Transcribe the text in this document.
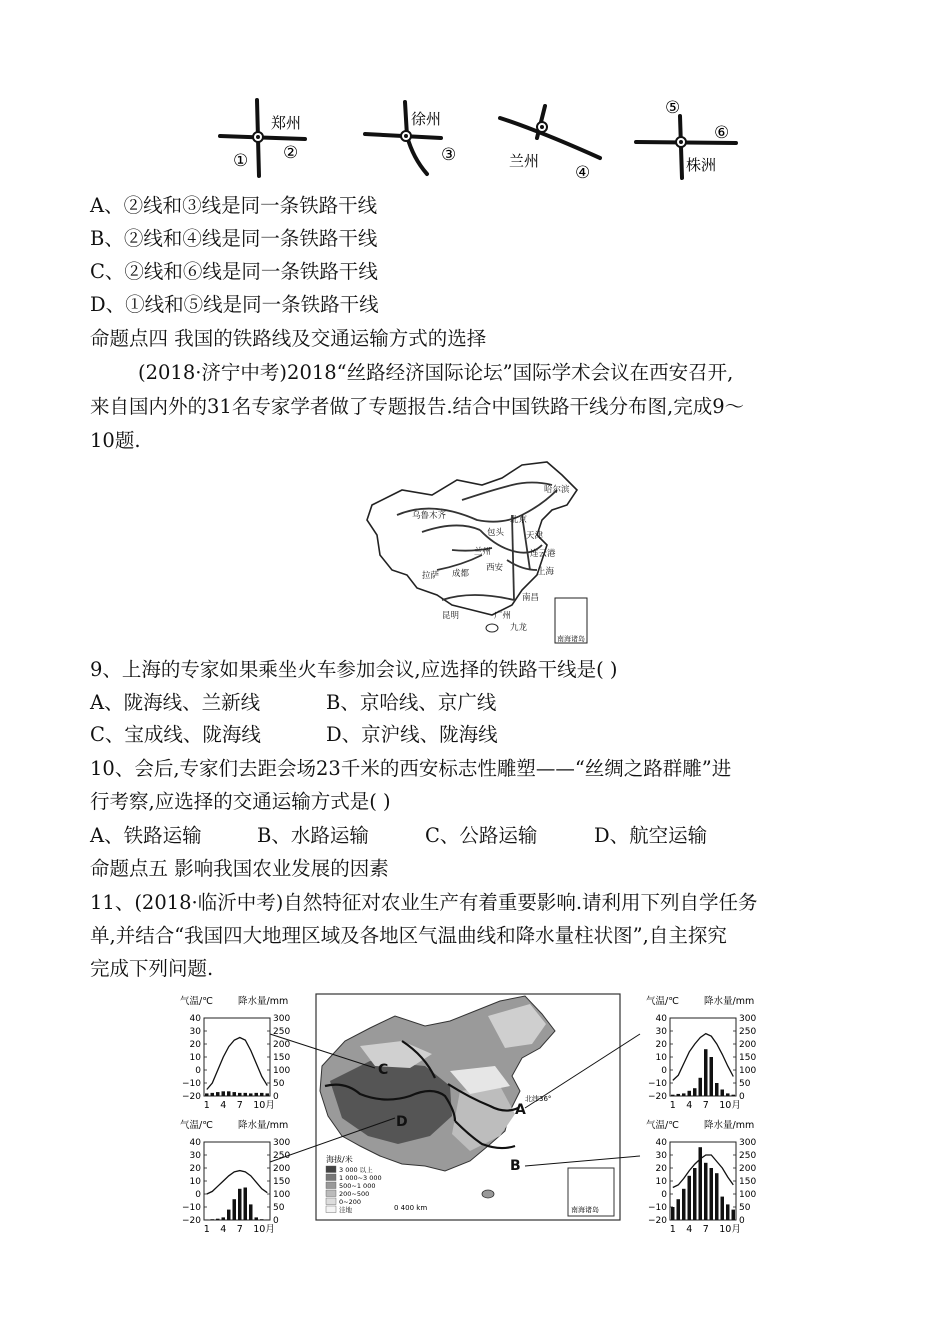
郑州
① ②
徐州
③	兰州
④
⑤
⑥
株洲
A、②线和③线是同一条铁路干线
B、②线和④线是同一条铁路干线
C、②线和⑥线是同一条铁路干线
D、①线和⑤线是同一条铁路干线
命题点四 我国的铁路线及交通运输方式的选择
(2018·济宁中考)2018“丝路经济国际论坛”国际学术会议在西安召开,
来自国内外的31名专家学者做了专题报告.结合中国铁路干线分布图,完成9～
10题.
哈尔滨
乌鲁木齐	北京
包头	天津
兰州	连云港
西安
成都
拉萨	上海
南昌
昆明	广州
九龙
南海诸岛
9、上海的专家如果乘坐火车参加会议,应选择的铁路干线是( )
A、陇海线、兰新线	B、京哈线、京广线
C、宝成线、陇海线	D、京沪线、陇海线
10、会后,专家们去距会场23千米的西安标志性雕塑——“丝绸之路群雕”进
行考察,应选择的交通运输方式是( )
A、铁路运输	B、水路运输	C、公路运输	D、航空运输
命题点五 影响我国农业发展的因素
11、(2018·临沂中考)自然特征对农业生产有着重要影响.请利用下列自学任务
单,并结合“我国四大地理区域及各地区气温曲线和降水量柱状图”,自主探究
完成下列问题.
C
D
A
B
北纬36°
海拔/米
3 000 以上
1 000~3 000
500~1 000
200~500
0~200
洼地	0 400 km	南海诸岛
气温/℃	降水量/mm
40
30
20
10
0
−10
−20
300
250
200
150
100
50
0
1 4 7 10月
气温/℃	降水量/mm
40
30
20
10
0
−10
−20
300
250
200
150
100
50
0
1 4 7 10月
气温/℃	降水量/mm
40
30
20
10
0
−10
−20
300
250
200
150
100
50
0
1 4 7 10月
气温/℃	降水量/mm
40
30
20
10
0
−10
−20
300
250
200
150
100
50
0
1 4 7 10月
